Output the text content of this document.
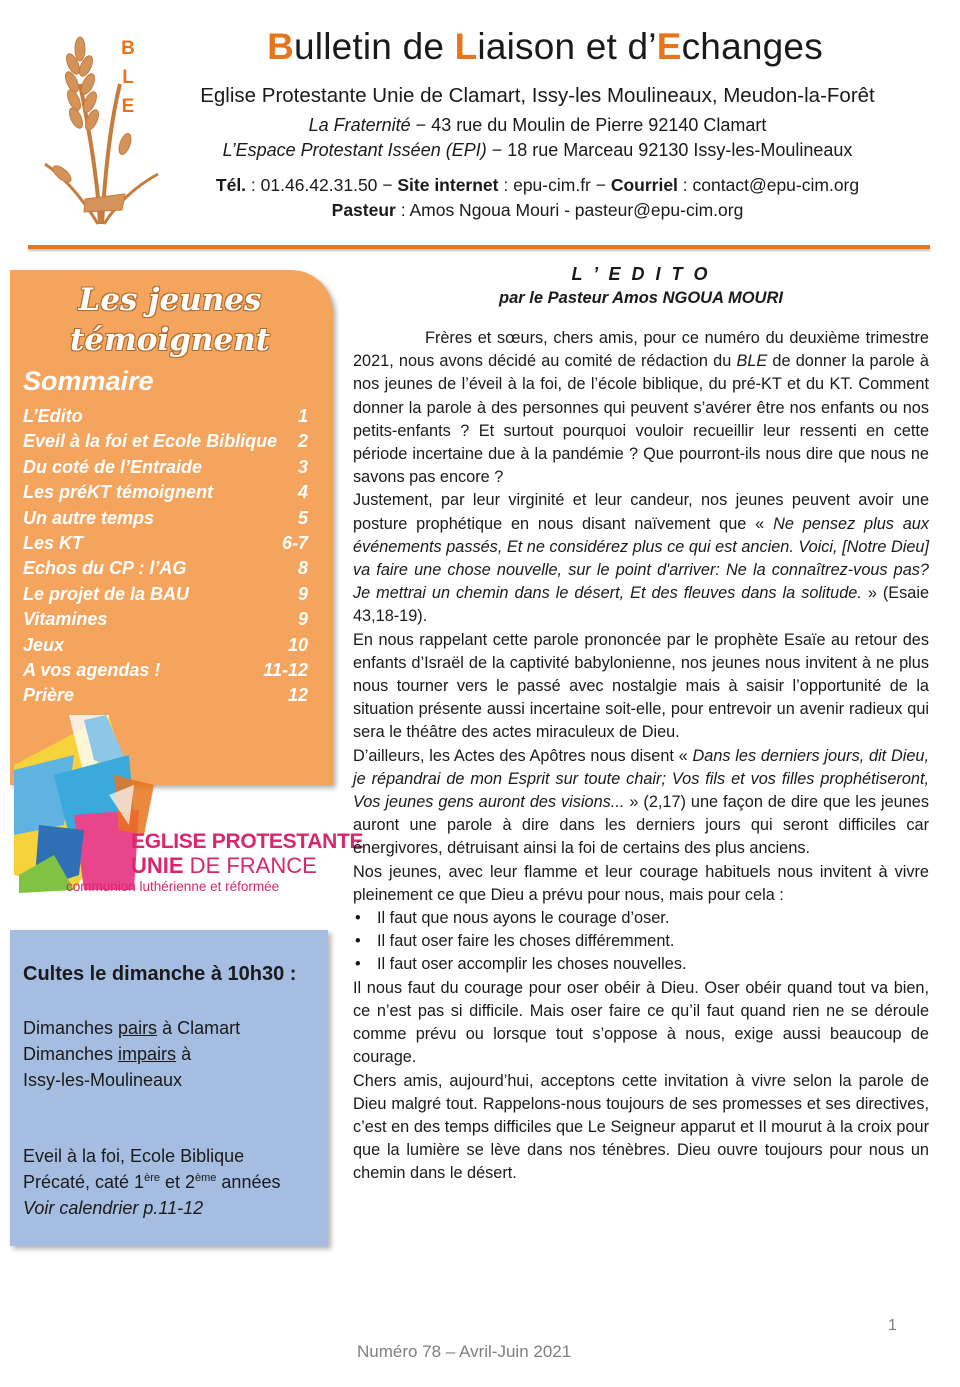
B
L
E
Bulletin de Liaison et d’Echanges
Eglise Protestante Unie de Clamart, Issy-les Moulineaux, Meudon-la-Forêt
La Fraternité − 43 rue du Moulin de Pierre 92140 Clamart
L’Espace Protestant Isséen (EPI) − 18 rue Marceau 92130 Issy-les-Moulineaux
Tél. : 01.46.42.31.50 − Site internet : epu-cim.fr − Courriel : contact@epu-cim.org
Pasteur : Amos Ngoua Mouri - pasteur@epu-cim.org
Les jeunes
témoignent
Sommaire
L’Edito	1
Eveil à la foi et Ecole Biblique 2
Du coté de l’Entraide	3
Les préKT témoignent	4
Un autre temps	5
Les KT	6-7
Echos du CP : l’AG	8
Le projet de la BAU	9
Vitamines	9
Jeux	10
A vos agendas !	11-12
Prière	12
EGLISE PROTESTANTE
UNIE DE FRANCE
communion luthérienne et réformée
Cultes le dimanche à 10h30 :
Dimanches pairs à Clamart
Dimanches impairs à
Issy-les-Moulineaux
Eveil à la foi, Ecole Biblique
Précaté, caté 1ère et 2ème années
Voir calendrier p.11-12
L ’ E D I T O
par le Pasteur Amos NGOUA MOURI

Frères et sœurs, chers amis, pour ce numéro du deuxième trimestre 2021, nous avons décidé au comité de rédaction du BLE de donner la parole à nos jeunes de l’éveil à la foi, de l’école biblique, du pré-KT et du KT. Comment donner la parole à des personnes qui peuvent s’avérer être nos enfants ou nos petits-enfants ? Et surtout pourquoi vouloir recueillir leur ressenti en cette période incertaine due à la pandémie ? Que pourront-ils nous dire que nous ne savons pas encore ?

Justement, par leur virginité et leur candeur, nos jeunes peuvent avoir une posture prophétique en nous disant naïvement que « Ne pensez plus aux événements passés, Et ne considérez plus ce qui est ancien. Voici, [Notre Dieu] va faire une chose nouvelle, sur le point d'arriver: Ne la connaîtrez-vous pas? Je mettrai un chemin dans le désert, Et des fleuves dans la solitude. » (Esaie 43,18-19).

En nous rappelant cette parole prononcée par le prophète Esaïe au retour des enfants d’Israël de la captivité babylonienne, nos jeunes nous invitent à ne plus nous tourner vers le passé avec nostalgie mais à saisir l’opportunité de la situation présente aussi incertaine soit-elle, pour entrevoir un avenir radieux qui sera le théâtre des actes miraculeux de Dieu.

D’ailleurs, les Actes des Apôtres nous disent « Dans les derniers jours, dit Dieu, je répandrai de mon Esprit sur toute chair; Vos fils et vos filles prophétiseront, Vos jeunes gens auront des visions... » (2,17) une façon de dire que les jeunes auront une parole à dire dans les derniers jours qui seront difficiles car énergivores, détruisant ainsi la foi de certains des plus anciens.

Nos jeunes, avec leur flamme et leur courage habituels nous invitent à vivre pleinement ce que Dieu a prévu pour nous, mais pour cela :

• Il faut que nous ayons le courage d’oser.
• Il faut oser faire les choses différemment.
• Il faut oser accomplir les choses nouvelles.

Il nous faut du courage pour oser obéir à Dieu. Oser obéir quand tout va bien, ce n’est pas si difficile. Mais oser faire ce qu’il faut quand rien ne se déroule comme prévu ou lorsque tout s’oppose à nous, exige aussi beaucoup de courage.

Chers amis, aujourd’hui, acceptons cette invitation à vivre selon la parole de Dieu malgré tout. Rappelons-nous toujours de ses promesses et ses directives, c’est en des temps difficiles que Le Seigneur apparut et Il mourut à la croix pour que la lumière se lève dans nos ténèbres. Dieu ouvre toujours pour nous un chemin dans le désert.

1
Numéro 78 – Avril-Juin 2021
